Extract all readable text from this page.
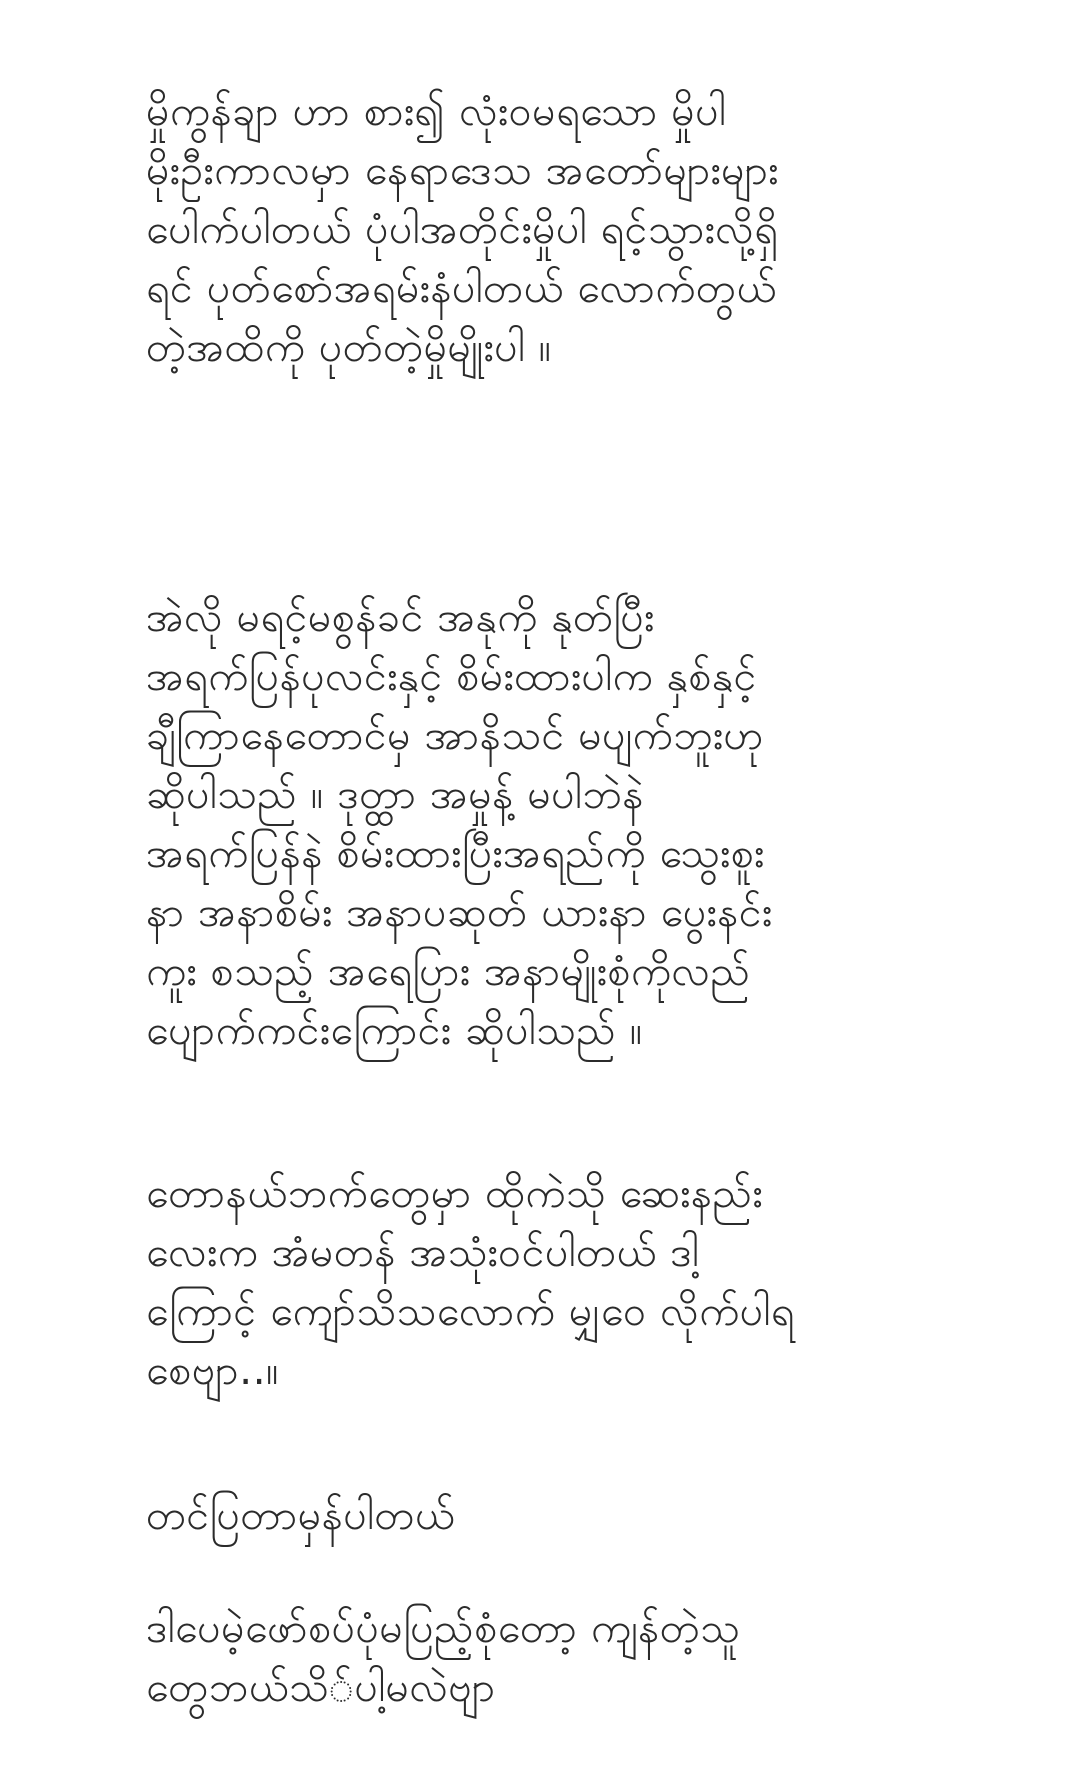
မှိုကွန်ချာ ဟာ စား၍ လုံး၀မရသော မှိုပါ
မိုးဦးကာလမှာ နေရာဒေသ အတော်များများ
ပေါက်ပါတယ် ပုံပါအတိုင်းမှိုပါ ရင့်သွားလို့ရှိ
ရင် ပုတ်စော်အရမ်းနံပါတယ် လောက်တွယ်
တဲ့အထိကို ပုတ်တဲ့မှိုမျိုးပါ ။
အဲလို မရင့်မစွန်ခင် အနုကို နုတ်ပြီး
အရက်ပြန်ပုလင်းနှင့် စိမ်းထားပါက နှစ်နှင့်
ချီကြာနေတောင်မှ အာနိသင် မပျက်ဘူးဟု
ဆိုပါသည် ။ ဒုတ္ထာ အမှုန့် မပါဘဲနဲ
အရက်ပြန်နဲ စိမ်းထားပြီးအရည်ကို သွေးစူး
နာ အနာစိမ်း အနာပဆုတ် ယားနာ ပွေးနင်း
ကူး စသည့် အရေပြား အနာမျိုးစုံကိုလည်
ပျောက်ကင်းကြောင်း ဆိုပါသည် ။
တောနယ်ဘက်တွေမှာ ထိုကဲသို ဆေးနည်း
လေးက အံမတန် အသုံး၀င်ပါတယ် ဒါ့
ကြောင့် ကျော်သိသလောက် မျှဝေ လိုက်ပါရ
စေဗျာ..။
တင်ပြတာမှန်ပါတယ်
ဒါပေမဲ့ဖော်စပ်ပုံမပြည့်စုံတော့ ကျန်တဲ့သူ
တွေဘယ်သိ်ပါ့မလဲဗျာ
